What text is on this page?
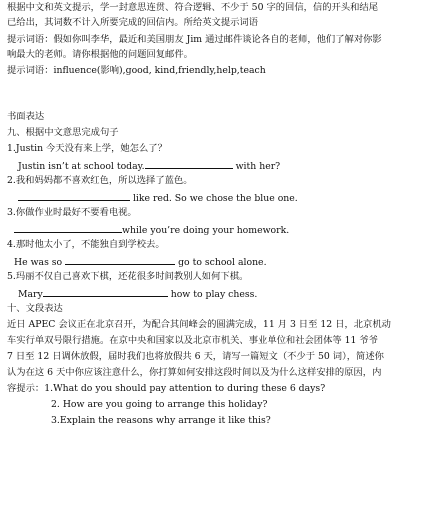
根据中文和英文提示，学一封意思连贯、符合逻辑、不少于 50 字的回信，信的开头和结尾
已给出，其词数不计入所要完成的回信内。所给英文提示词语
提示词语：假如你叫李华，最近和美国朋友 Jim 通过邮件谈论各自的老师，他们了解对你影
响最大的老师。请你根据他的问题回复邮件。
提示词语：influence(影响),good, kind,friendly,help,teach
书面表达
九、根据中文意思完成句子
1.Justin 今天没有来上学，她怎么了？
Justin isn’t at school today.	with her?
2.我和妈妈都不喜欢红色，所以选择了蓝色。
like red. So we chose the blue one.
3.你做作业时最好不要看电视。
while you’re doing your homework.
4.那时他太小了，不能独自到学校去。
He was so	go to school alone.
5.玛丽不仅自己喜欢下棋，还花很多时间教别人如何下棋。
Mary	how to play chess.
十、文段表达
近日 APEC 会议正在北京召开，为配合其间峰会的圆满完成，11 月 3 日至 12 日，北京机动
车实行单双号限行措施。在京中央和国家以及北京市机关、事业单位和社会团体等 11 爷爷
7 日至 12 日调休放假，届时我们也将放假共 6 天，请写一篇短文（不少于 50 词），简述你
认为在这 6 天中你应该注意什么，你打算如何安排这段时间以及为什么这样安排的原因，内
容提示：1.What do you should pay attention to during these 6 days?
2. How are you going to arrange this holiday?
3.Explain the reasons why arrange it like this?
